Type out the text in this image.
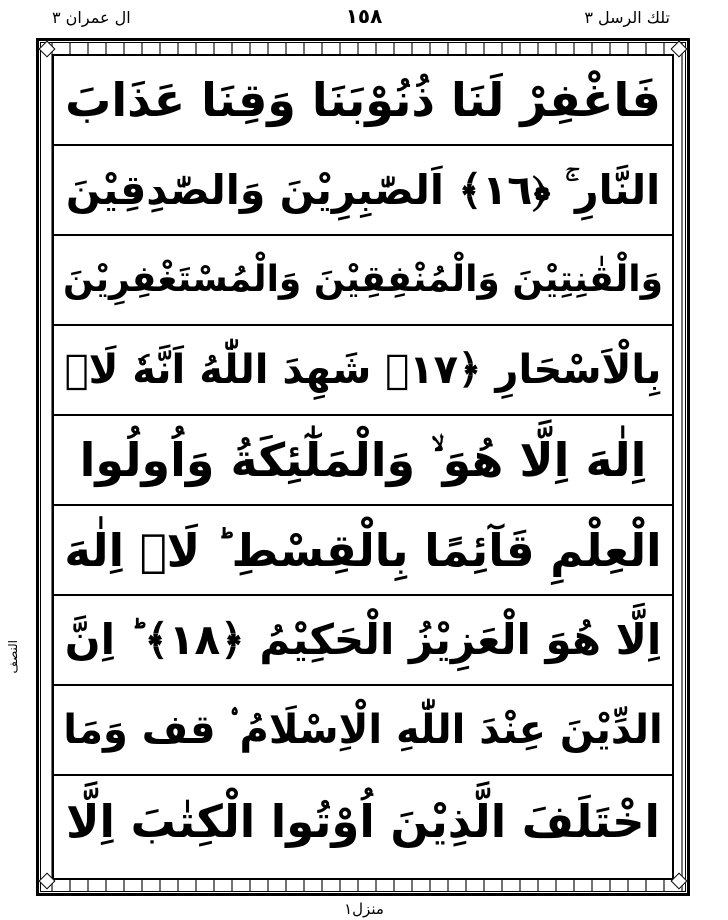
تلك الرسل ٣
١٥٨
ال عمران ٣
فَاغْفِرْ لَنَا ذُنُوْبَنَا وَقِنَا عَذَابَ
النَّارِ ۚ ﴿١٦﴾ اَلصّٰبِرِيْنَ وَالصّٰدِقِيْنَ
وَالْقٰنِتِيْنَ وَالْمُنْفِقِيْنَ وَالْمُسْتَغْفِرِيْنَ
بِالْاَسْحَارِ ﴿١٧﴾ شَهِدَ اللّٰهُ اَنَّهٗ لَاۤ
اِلٰهَ اِلَّا هُوَ ۙ وَالْمَلٰٓئِكَةُ وَاُولُوا
الْعِلْمِ قَآئِمًا بِالْقِسْطِ ؕ لَاۤ اِلٰهَ
اِلَّا هُوَ الْعَزِيْزُ الْحَكِيْمُ ﴿١٨﴾ ؕ اِنَّ
الدِّيْنَ عِنْدَ اللّٰهِ الْاِسْلَامُ ۟ قف وَمَا
اخْتَلَفَ الَّذِيْنَ اُوْتُوا الْكِتٰبَ اِلَّا
النصف
منزل١
